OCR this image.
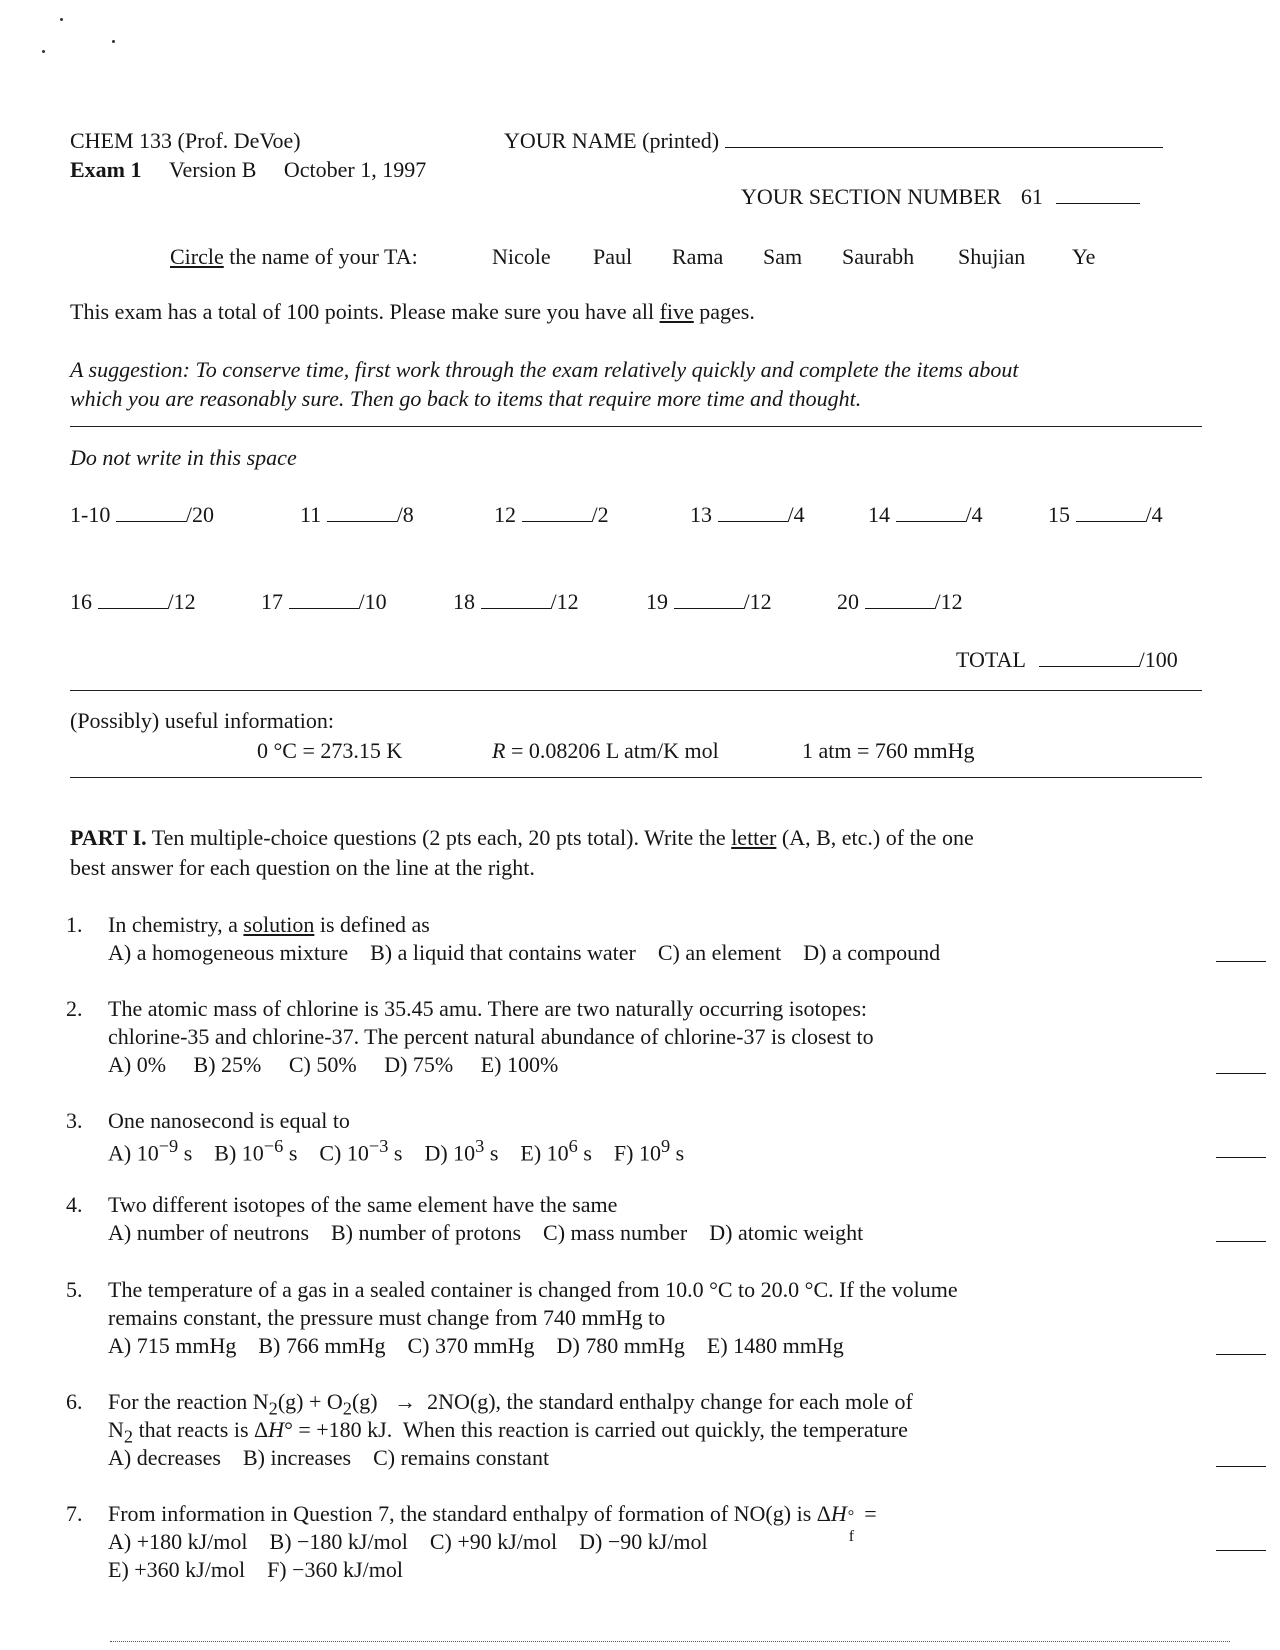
CHEM 133 (Prof. DeVoe)
Exam 1 Version B October 1, 1997
YOUR NAME (printed)
YOUR SECTION NUMBER 61
Circle the name of your TA:	Nicole Paul Rama Sam Saurabh Shujian Ye
This exam has a total of 100 points. Please make sure you have all five pages.
A suggestion: To conserve time, first work through the exam relatively quickly and complete the items about
which you are reasonably sure. Then go back to items that require more time and thought.
Do not write in this space
1-10	/20	11	/8	12	/2	13	/4	14	/4	15	/4
16	/12	17	/10	18	/12	19	/12	20	/12
TOTAL	/100
(Possibly) useful information:
0 °C = 273.15 K	R = 0.08206 L atm/K mol	1 atm = 760 mmHg
PART I. Ten multiple-choice questions (2 pts each, 20 pts total). Write the letter (A, B, etc.) of the one
best answer for each question on the line at the right.
1. In chemistry, a solution is defined as
A) a homogeneous mixture    B) a liquid that contains water    C) an element    D) a compound
2. The atomic mass of chlorine is 35.45 amu. There are two naturally occurring isotopes:
chlorine-35 and chlorine-37. The percent natural abundance of chlorine-37 is closest to
A) 0%     B) 25%     C) 50%     D) 75%     E) 100%
3. One nanosecond is equal to
A) $10^{-9}$ s    B) $10^{-6}$ s    C) $10^{-3}$ s    D) $10^3$ s    E) $10^6$ s    F) $10^9$ s
4. Two different isotopes of the same element have the same
A) number of neutrons    B) number of protons    C) mass number    D) atomic weight
5. The temperature of a gas in a sealed container is changed from 10.0 °C to 20.0 °C. If the volume
remains constant, the pressure must change from 740 mmHg to
A) 715 mmHg    B) 766 mmHg    C) 370 mmHg    D) 780 mmHg    E) 1480 mmHg
6. For the reaction $N_2(g) + O_2(g) \to 2NO(g)$, the standard enthalpy change for each mole of
$N_2$ that reacts is ΔH° = +180 kJ.  When this reaction is carried out quickly, the temperature
A) decreases    B) increases    C) remains constant
7. From information in Question 7, the standard enthalpy of formation of NO(g) is ΔH °
f
=
A) +180 kJ/mol    B) −180 kJ/mol    C) +90 kJ/mol    D) −90 kJ/mol
E) +360 kJ/mol    F) −360 kJ/mol
